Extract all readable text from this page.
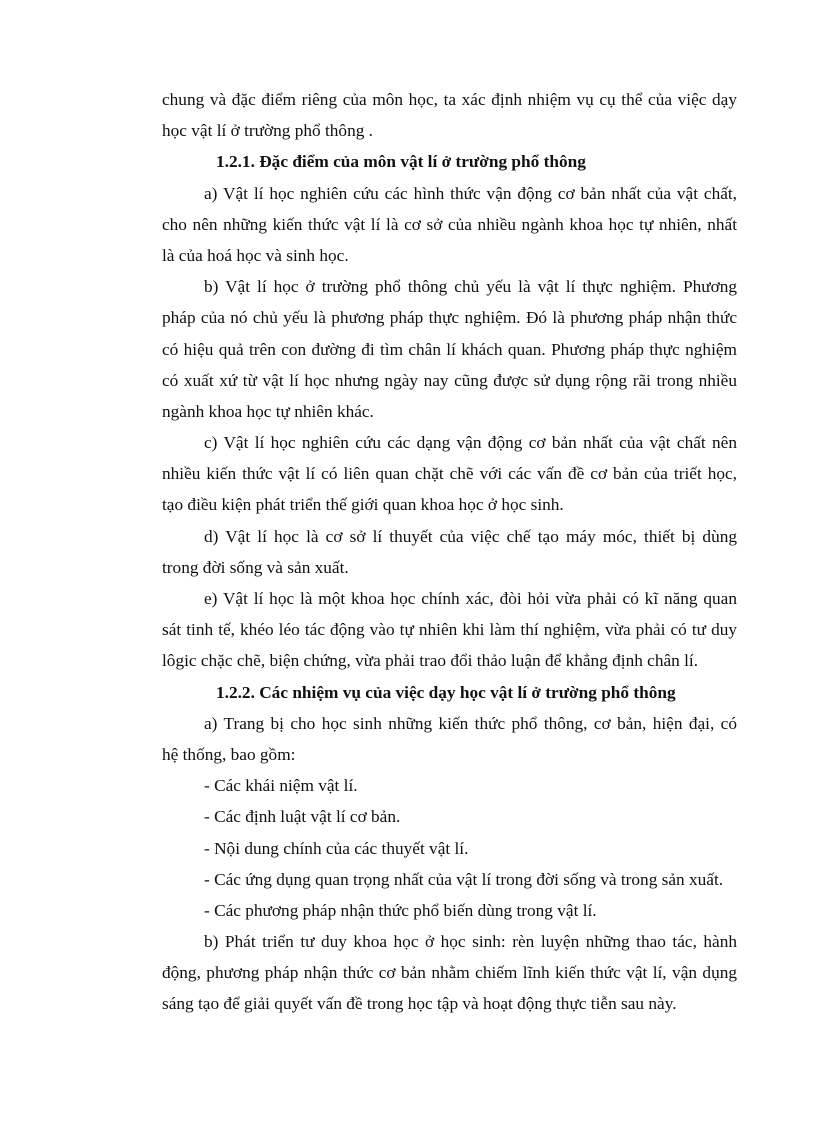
chung và đặc điểm riêng của môn học, ta xác định nhiệm vụ cụ thể của việc dạy
học vật lí ở trường phổ thông .
1.2.1. Đặc điểm của môn vật lí ở trường phổ thông
a) Vật lí học nghiên cứu các hình thức vận động cơ bản nhất của vật chất,
cho nên những kiến thức vật lí là cơ sở của nhiều ngành khoa học tự nhiên, nhất
là của hoá học và sinh học.
b) Vật lí học ở trường phổ thông chủ yếu là vật lí thực nghiệm. Phương
pháp của nó chủ yếu là phương pháp thực nghiệm. Đó là phương pháp nhận thức
có hiệu quả trên con đường đi tìm chân lí khách quan. Phương pháp thực nghiệm
có xuất xứ từ vật lí học nhưng ngày nay cũng được sử dụng rộng rãi trong nhiều
ngành khoa học tự nhiên khác.
c) Vật lí học nghiên cứu các dạng vận động cơ bản nhất của vật chất nên
nhiều kiến thức vật lí có liên quan chặt chẽ với các vấn đề cơ bản của triết học,
tạo điều kiện phát triển thế giới quan khoa học ở học sinh.
d) Vật lí học là cơ sở lí thuyết của việc chế tạo máy móc, thiết bị dùng
trong đời sống và sản xuất.
e) Vật lí học là một khoa học chính xác, đòi hỏi vừa phải có kĩ năng quan
sát tinh tế, khéo léo tác động vào tự nhiên khi làm thí nghiệm, vừa phải có tư duy
lôgic chặc chẽ, biện chứng, vừa phải trao đổi thảo luận để khẳng định chân lí.
1.2.2. Các nhiệm vụ của việc dạy học vật lí ở trường phổ thông
a) Trang bị cho học sinh những kiến thức phổ thông, cơ bản, hiện đại, có
hệ thống, bao gồm:
- Các khái niệm vật lí.
- Các định luật vật lí cơ bản.
- Nội dung chính của các thuyết vật lí.
- Các ứng dụng quan trọng nhất của vật lí trong đời sống và trong sản xuất.
- Các phương pháp nhận thức phổ biến dùng trong vật lí.
b) Phát triển tư duy khoa học ở học sinh: rèn luyện những thao tác, hành
động, phương pháp nhận thức cơ bản nhằm chiếm lĩnh kiến thức vật lí, vận dụng
sáng tạo để giải quyết vấn đề trong học tập và hoạt động thực tiễn sau này.
